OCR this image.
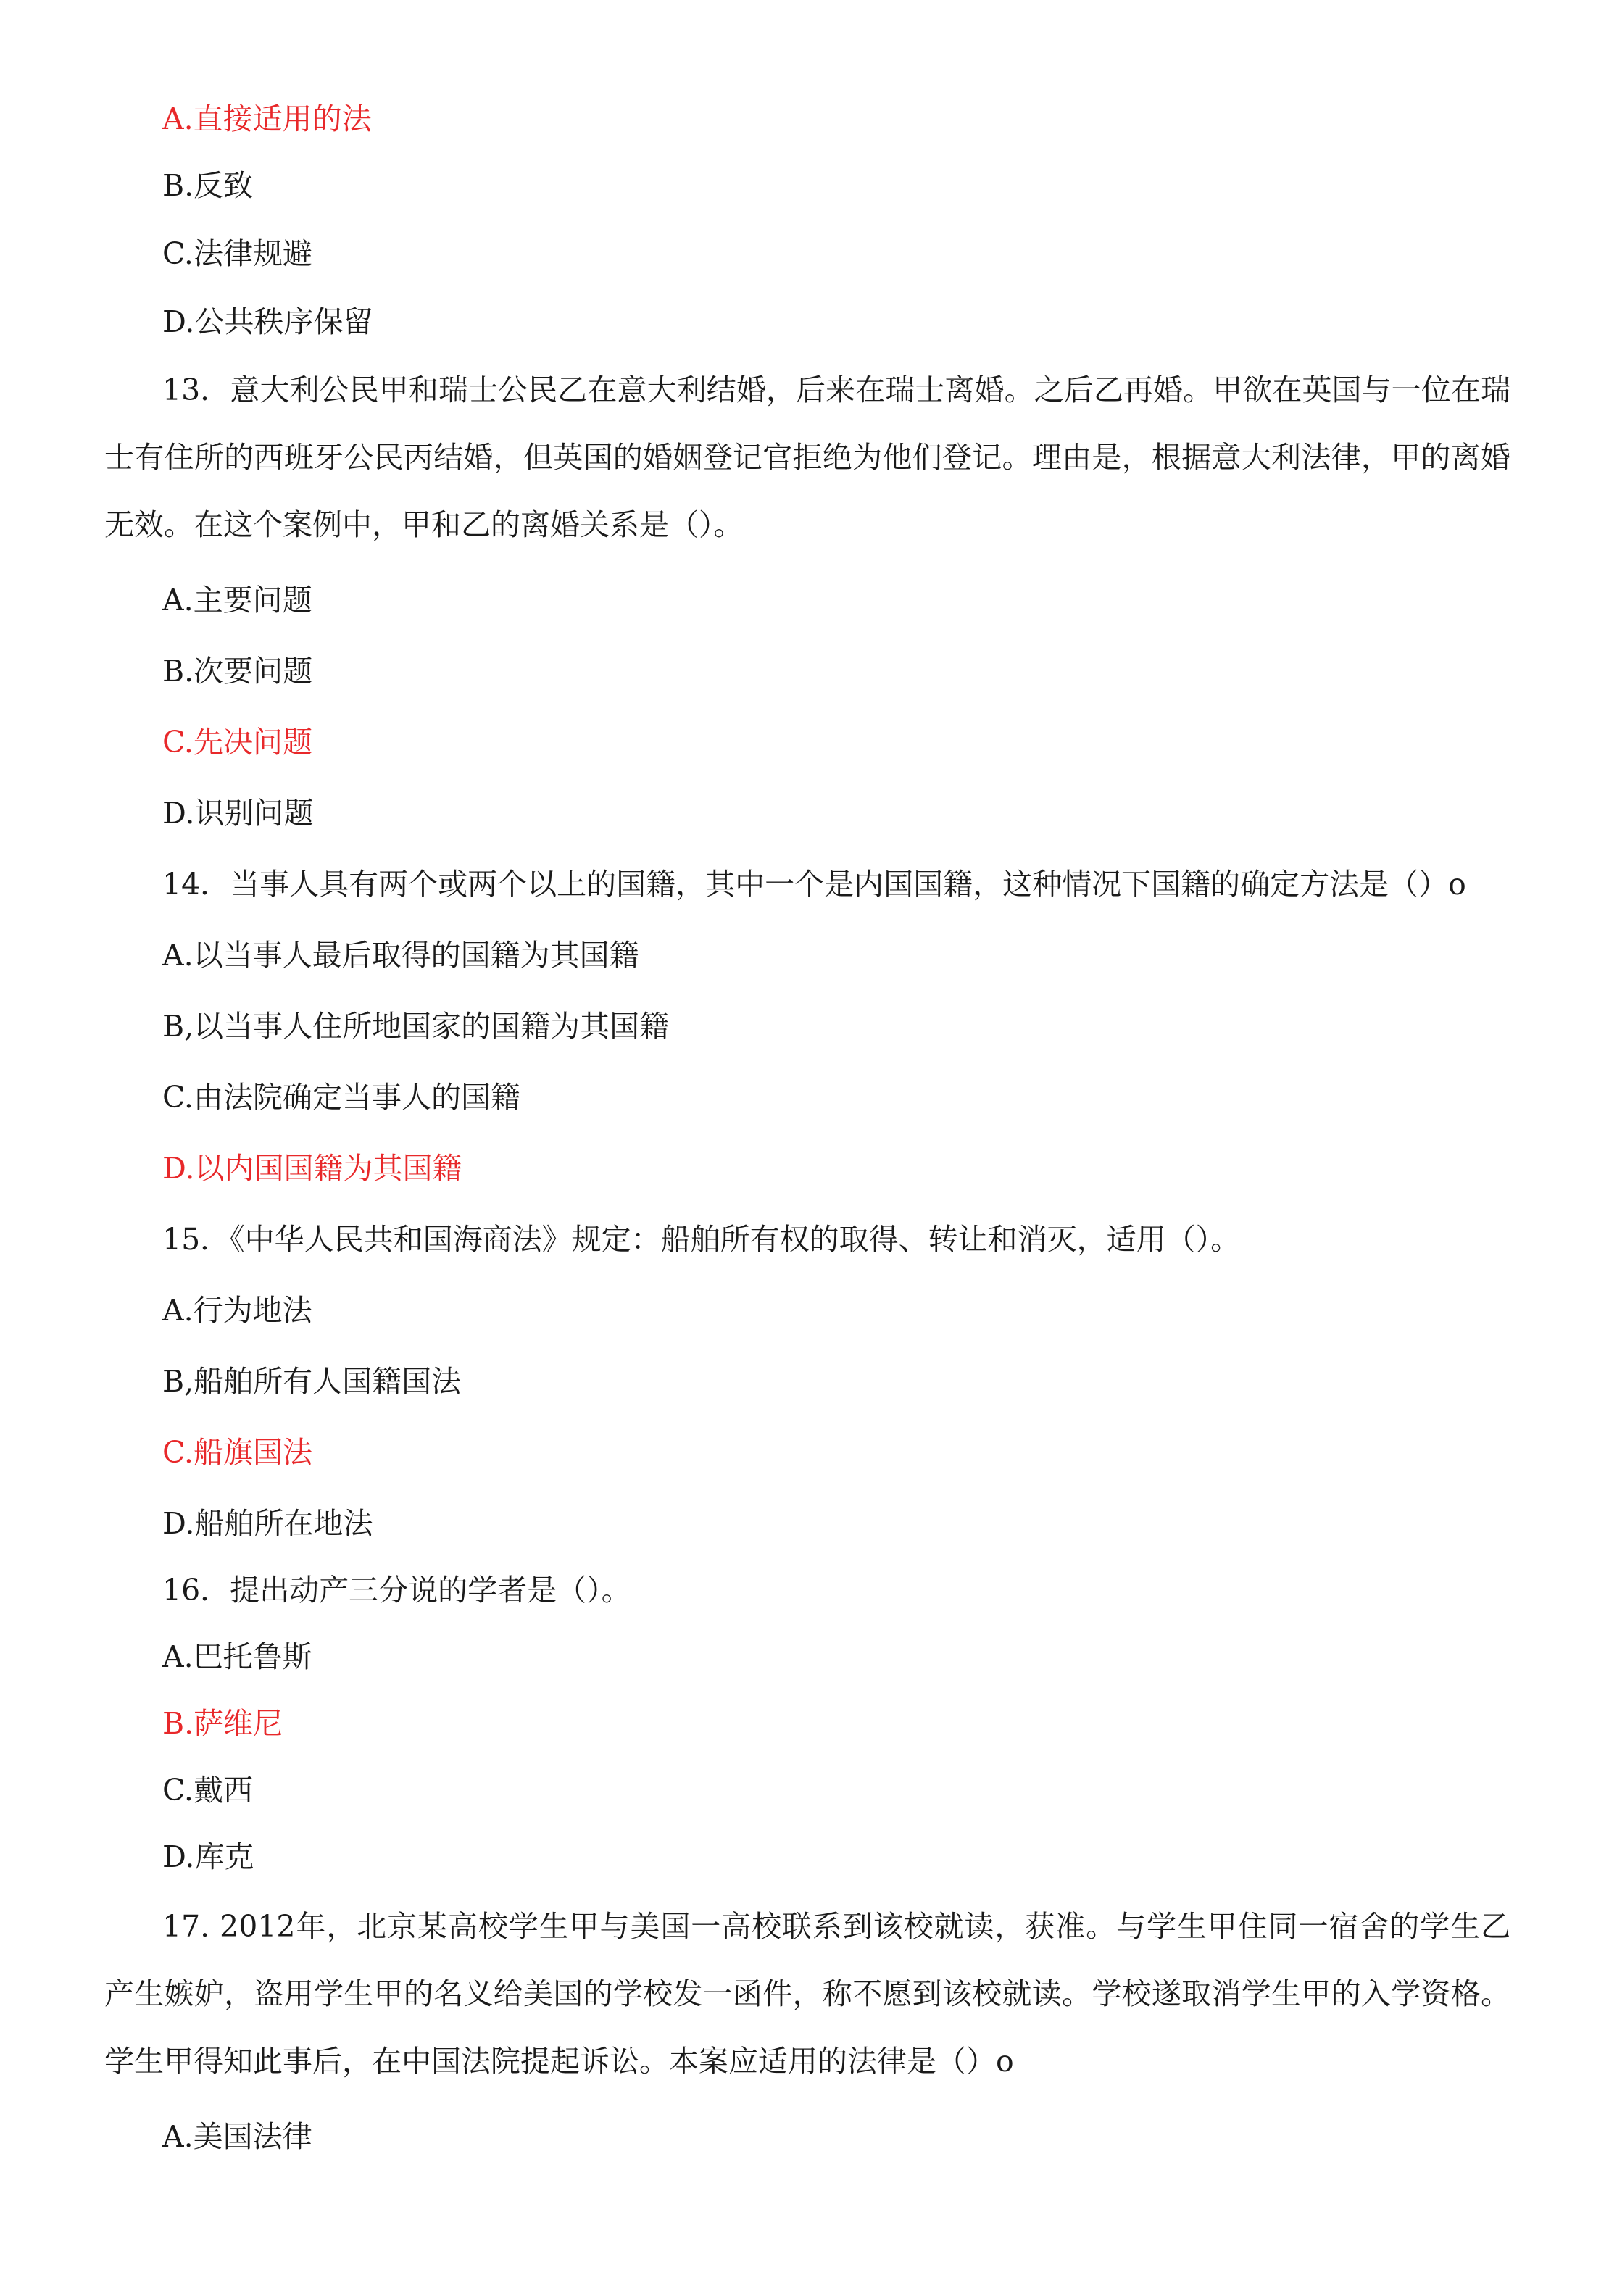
A.直接适用的法
B.反致
C.法律规避
D.公共秩序保留
13．意大利公民甲和瑞士公民乙在意大利结婚，后来在瑞士离婚。之后乙再婚。甲欲在英国与一位在瑞士有住所的西班牙公民丙结婚，但英国的婚姻登记官拒绝为他们登记。理由是，根据意大利法律，甲的离婚无效。在这个案例中，甲和乙的离婚关系是（）。
A.主要问题
B.次要问题
C.先决问题
D.识别问题
14．当事人具有两个或两个以上的国籍，其中一个是内国国籍，这种情况下国籍的确定方法是（）o
A.以当事人最后取得的国籍为其国籍
B,以当事人住所地国家的国籍为其国籍
C.由法院确定当事人的国籍
D.以内国国籍为其国籍
15．《中华人民共和国海商法》规定：船舶所有权的取得、转让和消灭，适用（）。
A.行为地法
B,船舶所有人国籍国法
C.船旗国法
D.船舶所在地法
16．提出动产三分说的学者是（）。
A.巴托鲁斯
B.萨维尼
C.戴西
D.库克
17. 2012年，北京某高校学生甲与美国一高校联系到该校就读，获准。与学生甲住同一宿舍的学生乙产生嫉妒，盗用学生甲的名义给美国的学校发一函件，称不愿到该校就读。学校遂取消学生甲的入学资格。学生甲得知此事后，在中国法院提起诉讼。本案应适用的法律是（）o
A.美国法律
